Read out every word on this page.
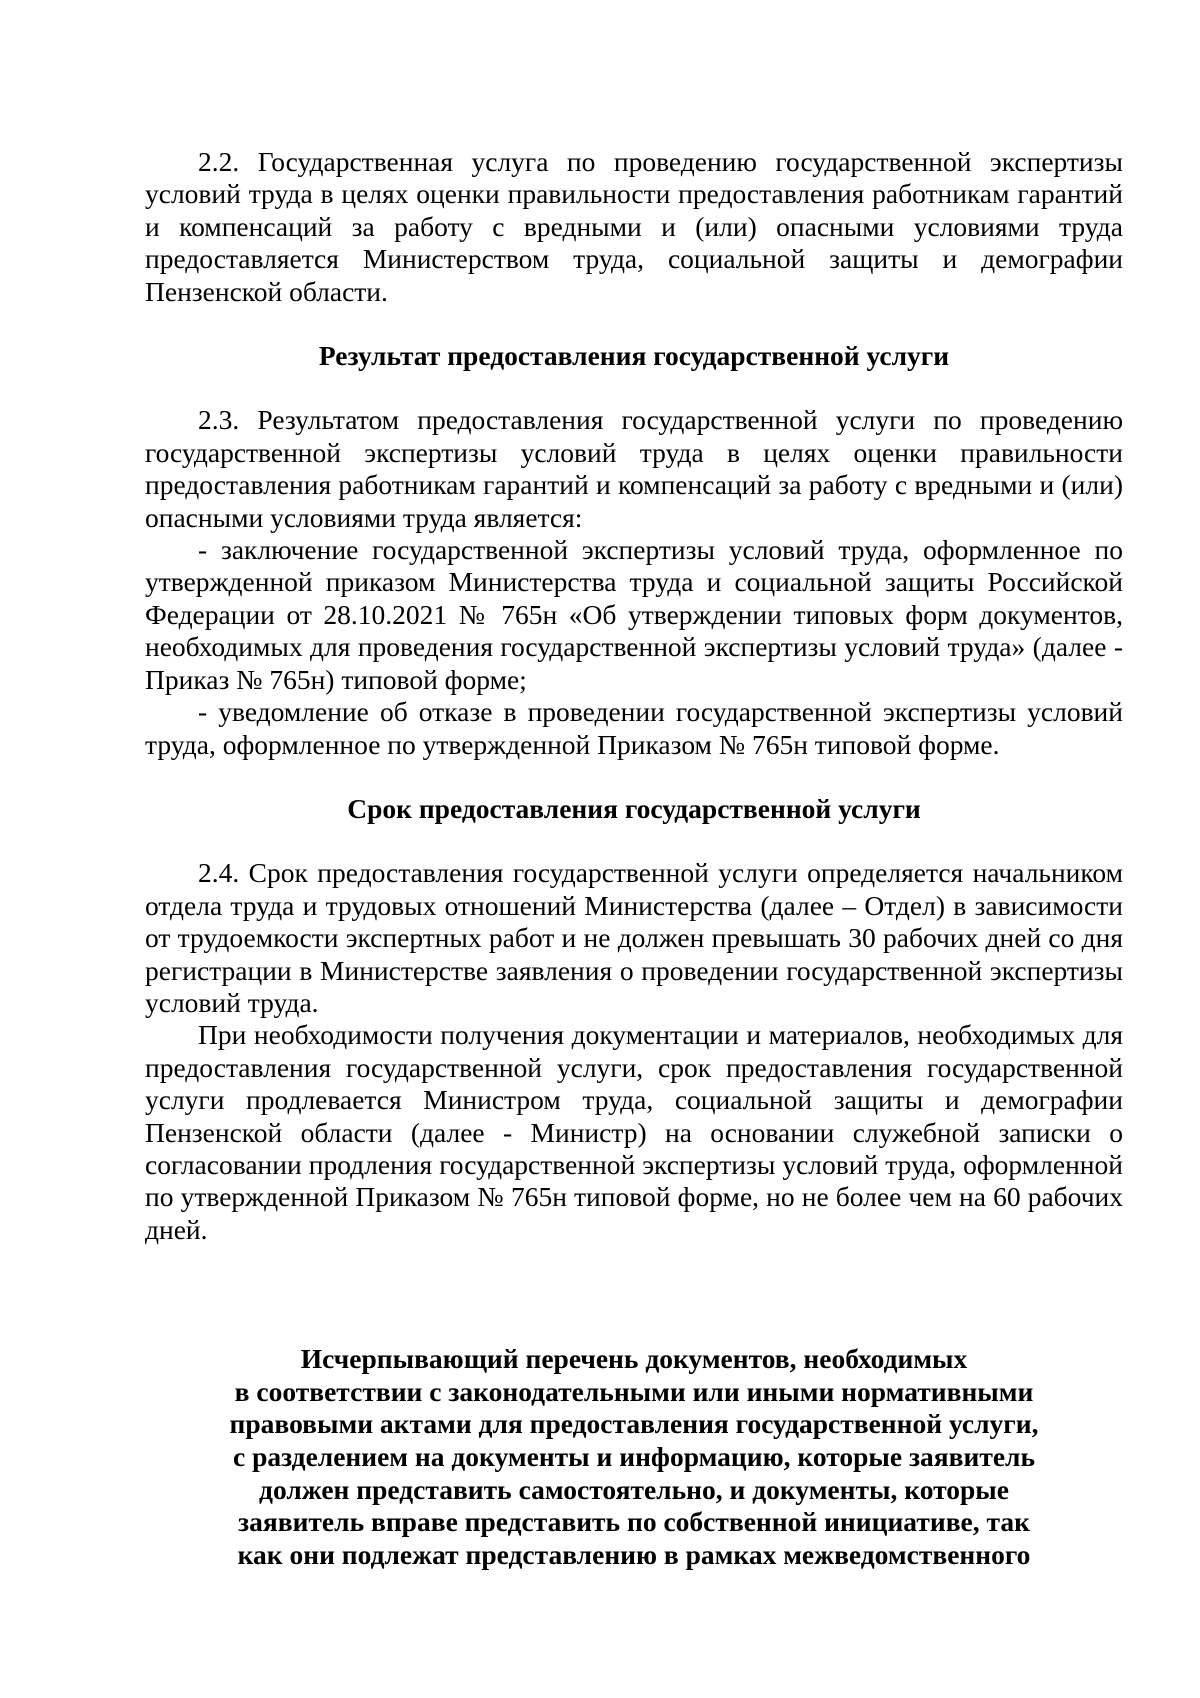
2.2. Государственная услуга по проведению государственной экспертизы условий труда в целях оценки правильности предоставления работникам гарантий и компенсаций за работу с вредными и (или) опасными условиями труда предоставляется Министерством труда, социальной защиты и демографии Пензенской области.

Результат предоставления государственной услуги

2.3. Результатом предоставления государственной услуги по проведению государственной экспертизы условий труда в целях оценки правильности предоставления работникам гарантий и компенсаций за работу с вредными и (или) опасными условиями труда является:

- заключение государственной экспертизы условий труда, оформленное по утвержденной приказом Министерства труда и социальной защиты Российской Федерации от 28.10.2021 № 765н «Об утверждении типовых форм документов, необходимых для проведения государственной экспертизы условий труда» (далее - Приказ № 765н) типовой форме;

- уведомление об отказе в проведении государственной экспертизы условий труда, оформленное по утвержденной Приказом № 765н типовой форме.

Срок предоставления государственной услуги

2.4. Срок предоставления государственной услуги определяется начальником отдела труда и трудовых отношений Министерства (далее – Отдел) в зависимости от трудоемкости экспертных работ и не должен превышать 30 рабочих дней со дня регистрации в Министерстве заявления о проведении государственной экспертизы условий труда.

При необходимости получения документации и материалов, необходимых для предоставления государственной услуги, срок предоставления государственной услуги продлевается Министром труда, социальной защиты и демографии Пензенской области (далее - Министр) на основании служебной записки о согласовании продления государственной экспертизы условий труда, оформленной по утвержденной Приказом № 765н типовой форме, но не более чем на 60 рабочих дней.

Исчерпывающий перечень документов, необходимых
в соответствии с законодательными или иными нормативными
правовыми актами для предоставления государственной услуги,
с разделением на документы и информацию, которые заявитель
должен представить самостоятельно, и документы, которые
заявитель вправе представить по собственной инициативе, так
как они подлежат представлению в рамках межведомственного
